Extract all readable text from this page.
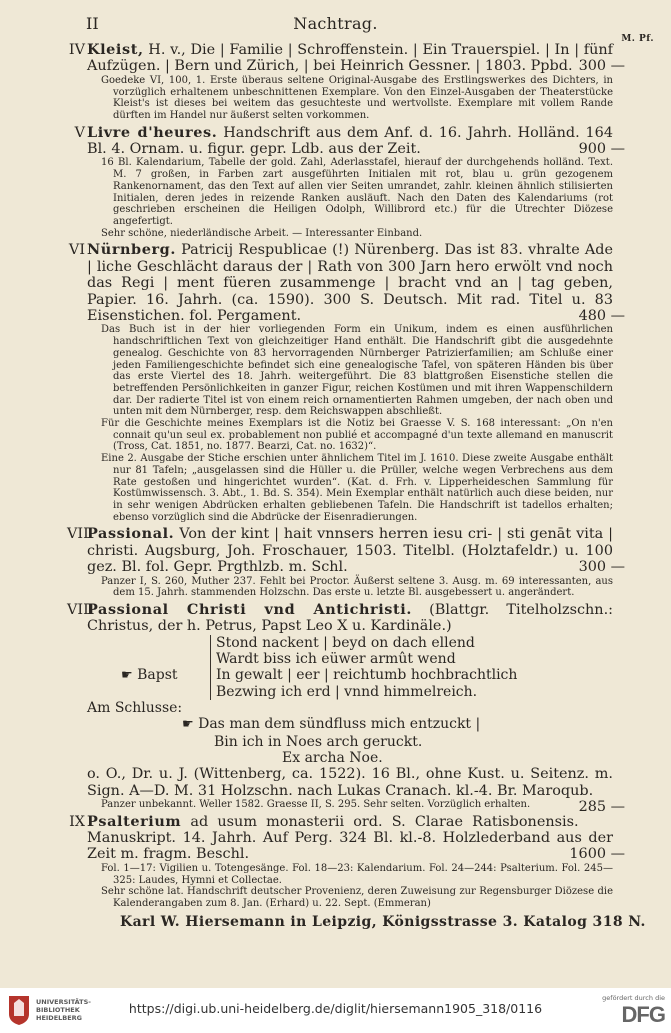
II	Nachtrag.
M. Pf.
IV Kleist, H. v., Die | Familie | Schroffenstein. | Ein Trauerspiel. | In | fünf Aufzügen. | Bern und Zürich, | bei Heinrich Gessner. | 1803. Ppbd. 300 —

Goedeke VI, 100, 1. Erste überaus seltene Original-Ausgabe des Erstlingswerkes des Dichters, in vorzüglich erhaltenem unbeschnittenen Exemplare. Von den Einzel-Ausgaben der Theaterstücke Kleist's ist dieses bei weitem das gesuchteste und wertvollste. Exemplare mit vollem Rande dürften im Handel nur äußerst selten vorkommen.

V Livre d'heures. Handschrift aus dem Anf. d. 16. Jahrh. Holländ. 164 Bl. 4. Ornam. u. figur. gepr. Ldb. aus der Zeit.	900 —

16 Bl. Kalendarium, Tabelle der gold. Zahl, Aderlasstafel, hierauf der durchgehends holländ. Text. M. 7 großen, in Farben zart ausgeführten Initialen mit rot, blau u. grün gezogenem Rankenornament, das den Text auf allen vier Seiten umrandet, zahlr. kleinen ähnlich stilisierten Initialen, deren jedes in reizende Ranken ausläuft. Nach den Daten des Kalendariums (rot geschrieben erscheinen die Heiligen Odolph, Willibrord etc.) für die Utrechter Diözese angefertigt.

Sehr schöne, niederländische Arbeit. — Interessanter Einband.

VI Nürnberg. Patricij Respublicae (!) Nürenberg. Das ist 83. vhralte Ade | liche Geschlächt daraus der | Rath von 300 Jarn hero erwölt vnd noch das Regi | ment füeren zusammenge | bracht vnd an | tag geben, Papier. 16. Jahrh. (ca. 1590). 300 S. Deutsch. Mit rad. Titel u. 83 Eisenstichen. fol. Pergament.	480 —

Das Buch ist in der hier vorliegenden Form ein Unikum, indem es einen ausführlichen handschriftlichen Text von gleichzeitiger Hand enthält. Die Handschrift gibt die ausgedehnte genealog. Geschichte von 83 hervorragenden Nürnberger Patrizierfamilien; am Schluße einer jeden Familiengeschichte befindet sich eine genealogische Tafel, von späteren Händen bis über das erste Viertel des 18. Jahrh. weitergeführt. Die 83 blattgroßen Eisenstiche stellen die betreffenden Persönlichkeiten in ganzer Figur, reichen Kostümen und mit ihren Wappenschildern dar. Der radierte Titel ist von einem reich ornamentierten Rahmen umgeben, der nach oben und unten mit dem Nürnberger, resp. dem Reichswappen abschließt.

Für die Geschichte meines Exemplars ist die Notiz bei Graesse V. S. 168 interessant: „On n'en connait qu'un seul ex. probablement non publié et accompagné d'un texte allemand en manuscrit (Tross, Cat. 1851, no. 1877. Bearzi, Cat. no. 1632)“.

Eine 2. Ausgabe der Stiche erschien unter ähnlichem Titel im J. 1610. Diese zweite Ausgabe enthält nur 81 Tafeln; „ausgelassen sind die Hüller u. die Prüller, welche wegen Verbrechens aus dem Rate gestoßen und hingerichtet wurden“. (Kat. d. Frh. v. Lipperheideschen Sammlung für Kostümwissensch. 3. Abt., 1. Bd. S. 354). Mein Exemplar enthält natürlich auch diese beiden, nur in sehr wenigen Abdrücken erhalten gebliebenen Tafeln. Die Handschrift ist tadellos erhalten; ebenso vorzüglich sind die Abdrücke der Eisenradierungen.

VII
Passional. Von der kint | hait vnnsers herren iesu cri- | sti genāt vita | christi. Augsburg, Joh. Froschauer, 1503. Titelbl. (Holztafeldr.) u. 100 gez. Bl. fol. Gepr. Prgthlzb. m. Schl.	300 —

Panzer I, S. 260, Muther 237. Fehlt bei Proctor. Äußerst seltene 3. Ausg. m. 69 interessanten, aus dem 15. Jahrh. stammenden Holzschn. Das erste u. letzte Bl. ausgebessert u. angerändert.

VIII
Passional Christi vnd Antichristi. (Blattgr. Titelholzschn.: Christus, der h. Petrus, Papst Leo X u. Kardinäle.)
☛ Bapst
Stond nackent | beyd on dach ellend
Wardt biss ich eüwer armût wend
In gewalt | eer | reichtumb hochbrachtlich
Bezwing ich erd | vnnd himmelreich.
Am Schlusse:
☛ Das man dem sündfluss mich entzuckt |
Bin ich in Noes arch geruckt.
Ex archa Noe.
o. O., Dr. u. J. (Wittenberg, ca. 1522). 16 Bl., ohne Kust. u. Seitenz. m. Sign. A—D. M. 31 Holzschn. nach Lukas Cranach. kl.-4. Br. Maroqub.
285 —

Panzer unbekannt. Weller 1582. Graesse II, S. 295. Sehr selten. Vorzüglich erhalten.

IX Psalterium ad usum monasterii ord. S. Clarae Ratisbonensis. Manuskript. 14. Jahrh. Auf Perg. 324 Bl. kl.-8. Holzlederband aus der Zeit m. fragm. Beschl.	1600 —

Fol. 1—17: Vigilien u. Totengesänge. Fol. 18—23: Kalendarium. Fol. 24—244: Psalterium. Fol. 245—325: Laudes, Hymni et Collectae.

Sehr schöne lat. Handschrift deutscher Provenienz, deren Zuweisung zur Regensburger Diözese die Kalenderangaben zum 8. Jan. (Erhard) u. 22. Sept. (Emmeran)

Karl W. Hiersemann in Leipzig, Königsstrasse 3. Katalog 318 N.
UNIVERSITÄTS-
BIBLIOTHEK
HEIDELBERG
https://digi.ub.uni-heidelberg.de/diglit/hiersemann1905_318/0116
gefördert durch die
DFG
